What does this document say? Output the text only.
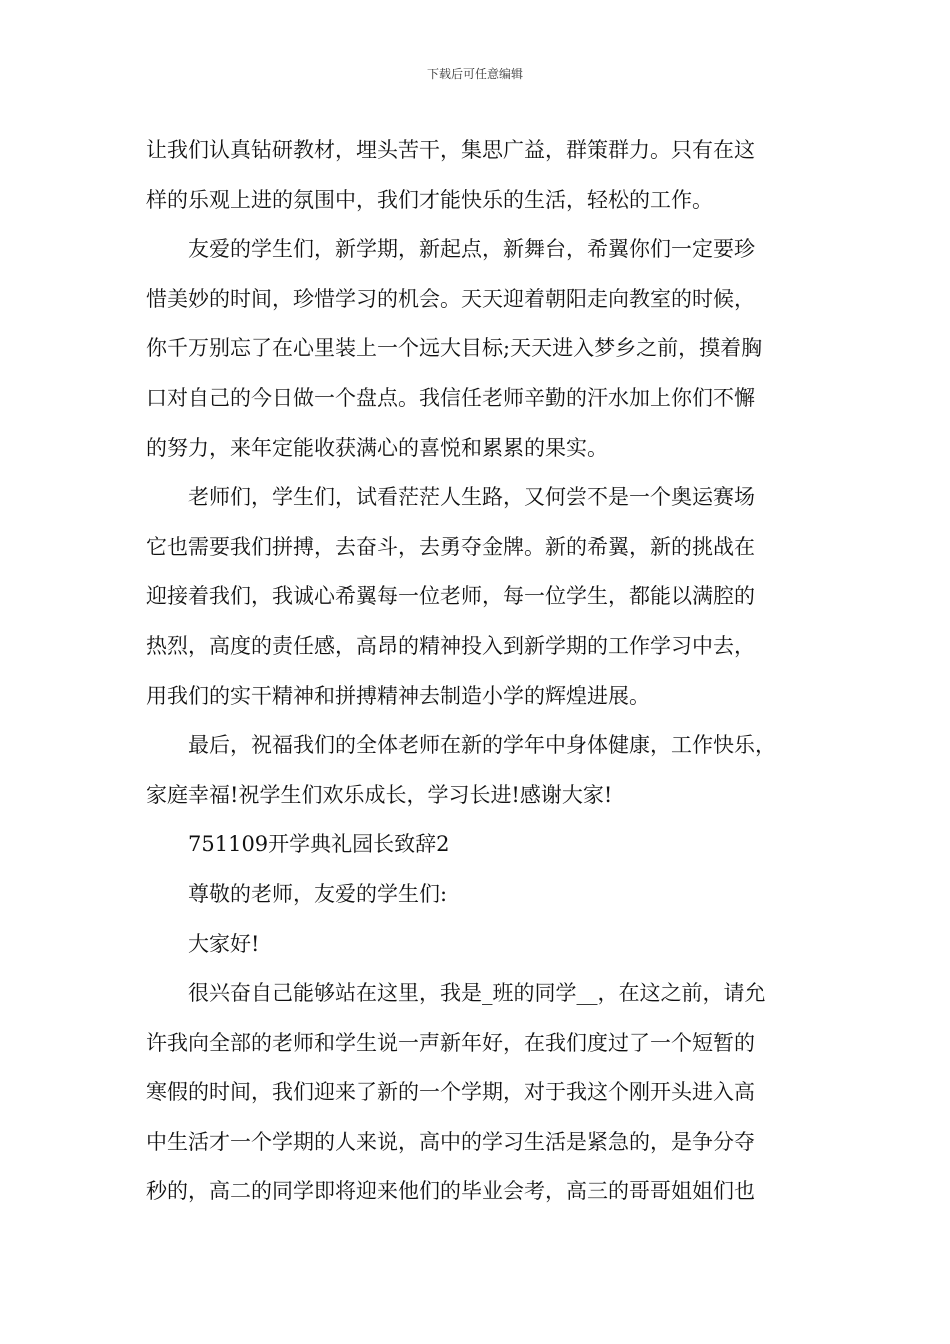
下载后可任意编辑
让我们认真钻研教材，埋头苦干，集思广益，群策群力。只有在这
样的乐观上进的氛围中，我们才能快乐的生活，轻松的工作。
友爱的学生们，新学期，新起点，新舞台，希翼你们一定要珍
惜美妙的时间，珍惜学习的机会。天天迎着朝阳走向教室的时候，
你千万别忘了在心里装上一个远大目标;天天进入梦乡之前，摸着胸
口对自己的今日做一个盘点。我信任老师辛勤的汗水加上你们不懈
的努力，来年定能收获满心的喜悦和累累的果实。
老师们，学生们，试看茫茫人生路，又何尝不是一个奥运赛场
它也需要我们拼搏，去奋斗，去勇夺金牌。新的希翼，新的挑战在
迎接着我们，我诚心希翼每一位老师，每一位学生，都能以满腔的
热烈，高度的责任感，高昂的精神投入到新学期的工作学习中去，
用我们的实干精神和拼搏精神去制造小学的辉煌进展。
最后，祝福我们的全体老师在新的学年中身体健康，工作快乐，
家庭幸福!祝学生们欢乐成长，学习长进!感谢大家!
751109开学典礼园长致辞2
尊敬的老师，友爱的学生们:
大家好!
很兴奋自己能够站在这里，我是_班的同学__，在这之前，请允
许我向全部的老师和学生说一声新年好，在我们度过了一个短暂的
寒假的时间，我们迎来了新的一个学期，对于我这个刚开头进入高
中生活才一个学期的人来说，高中的学习生活是紧急的，是争分夺
秒的，高二的同学即将迎来他们的毕业会考，高三的哥哥姐姐们也
